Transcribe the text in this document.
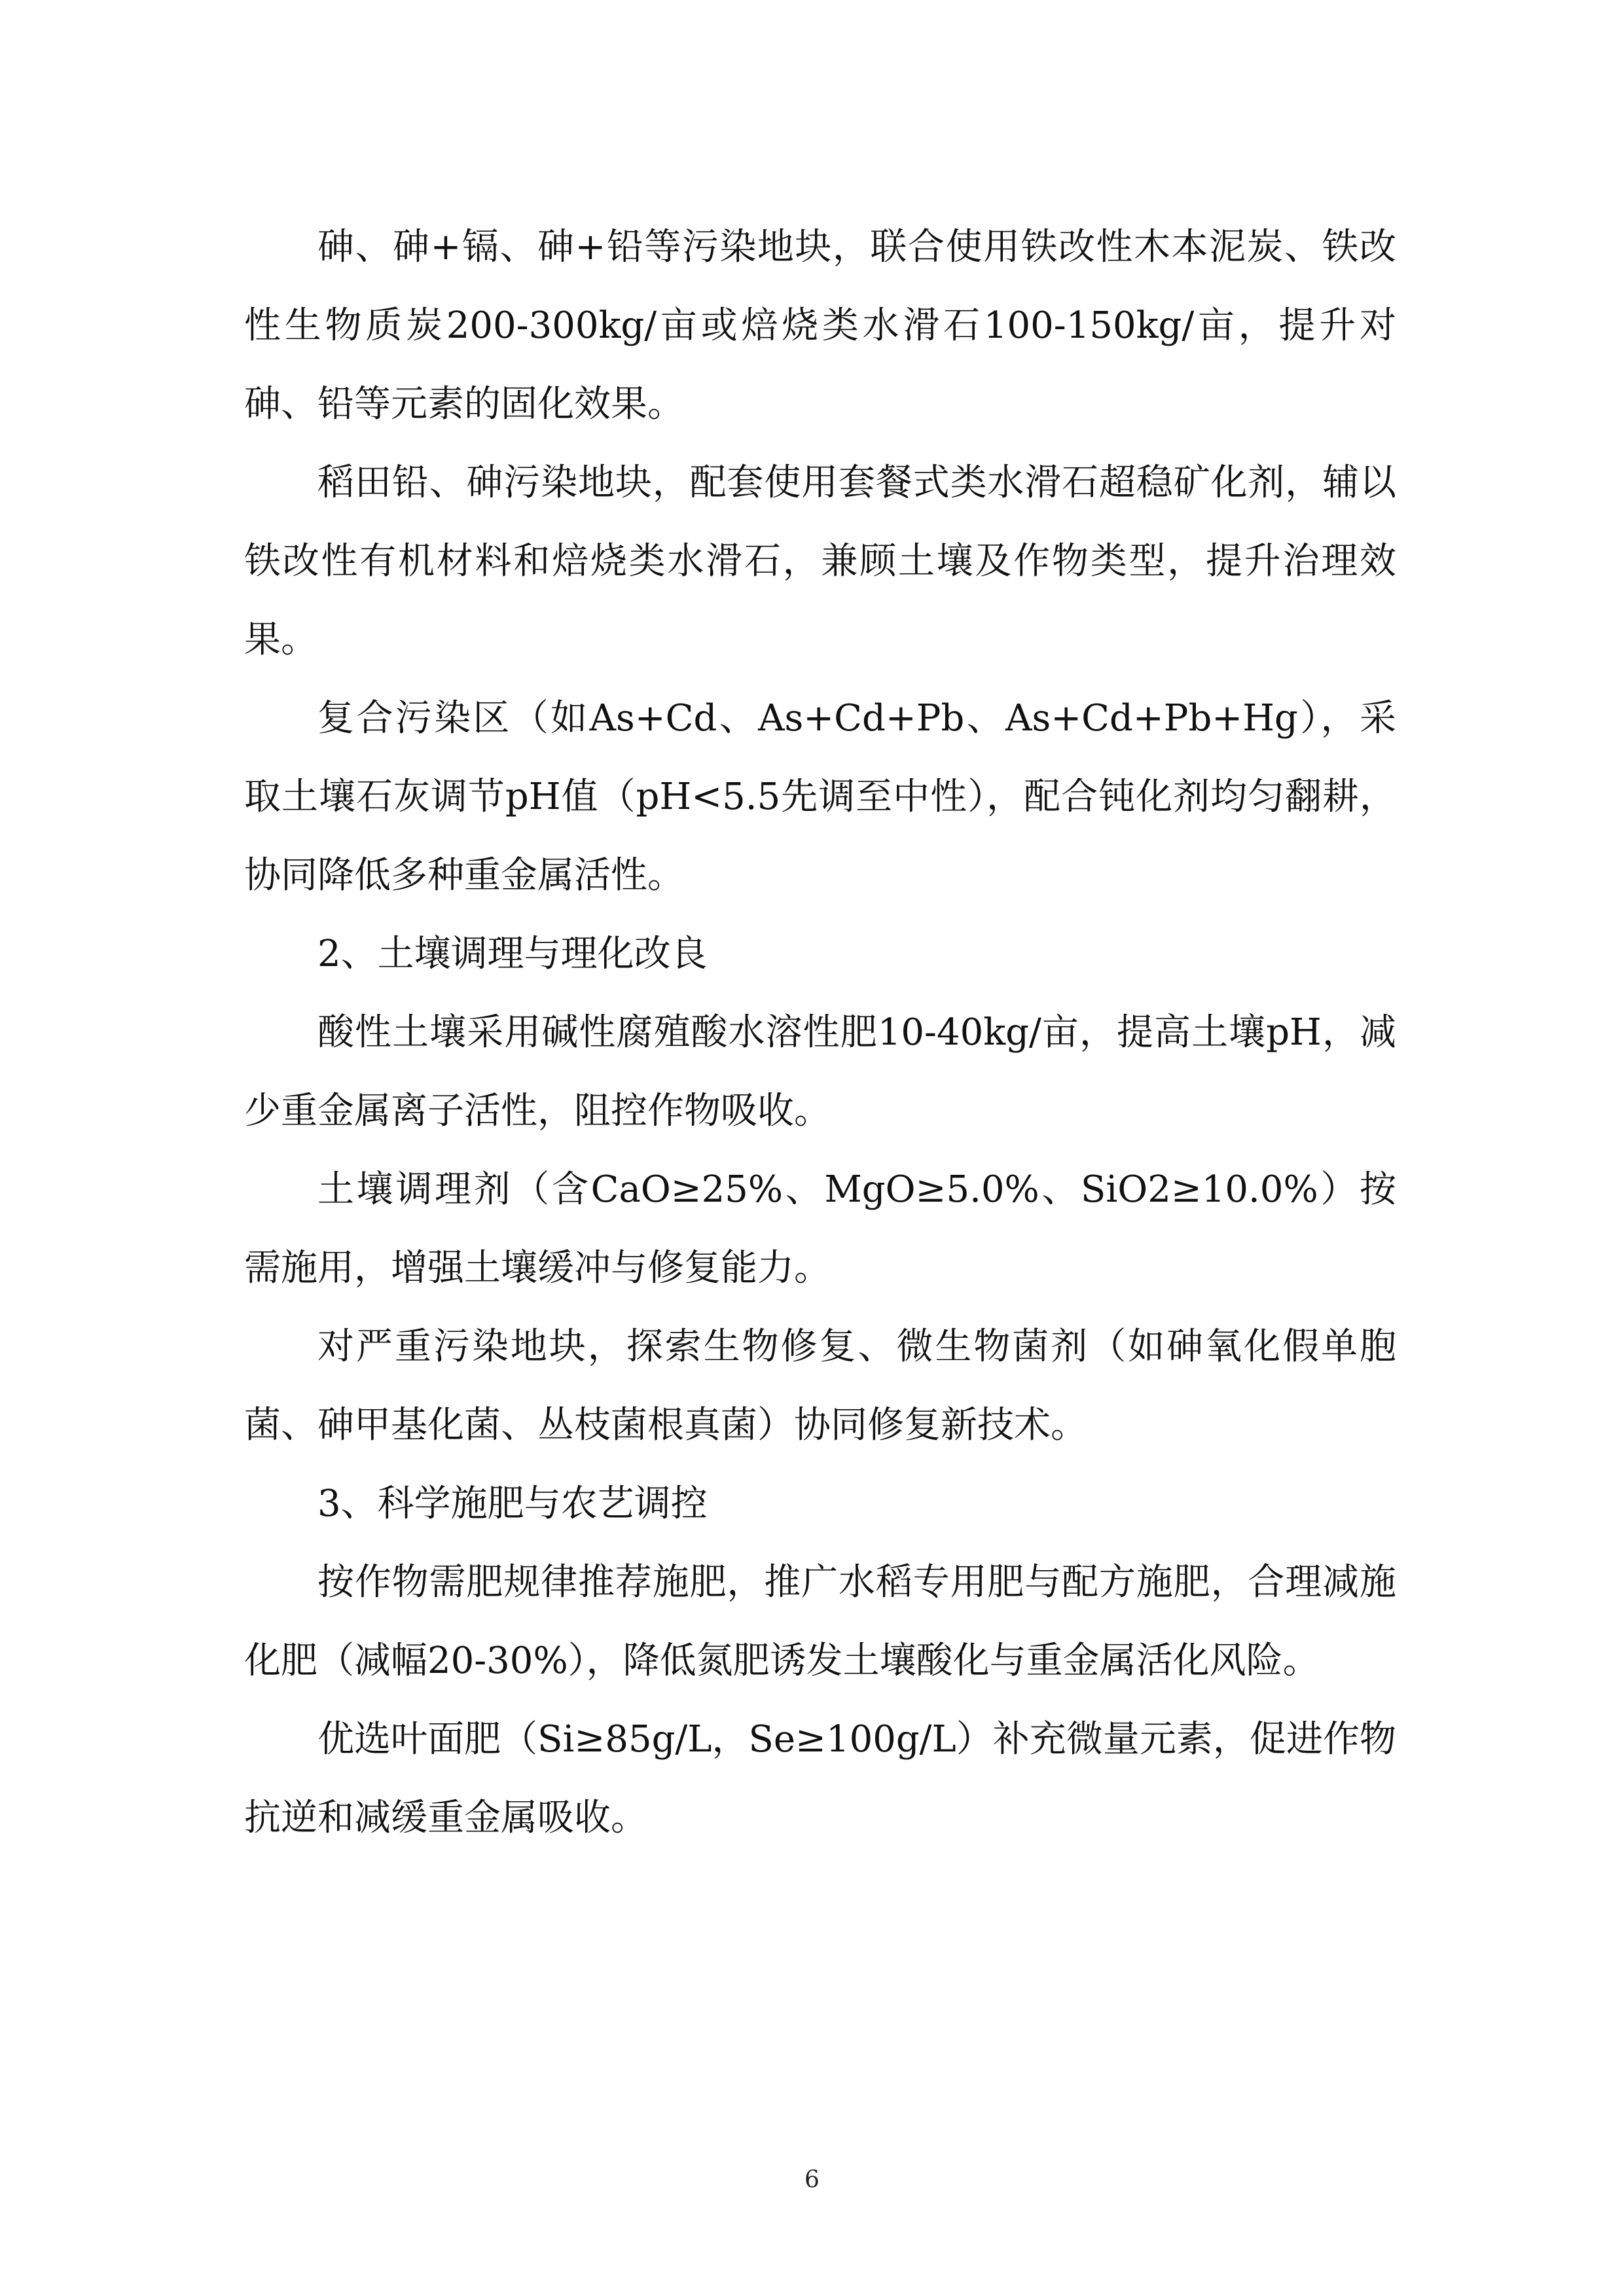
砷、砷+镉、砷+铅等污染地块，联合使用铁改性木本泥炭、铁改性生物质炭200-300kg/亩或焙烧类水滑石100-150kg/亩，提升对砷、铅等元素的固化效果。

稻田铅、砷污染地块，配套使用套餐式类水滑石超稳矿化剂，辅以铁改性有机材料和焙烧类水滑石，兼顾土壤及作物类型，提升治理效果。

复合污染区（如As+Cd、As+Cd+Pb、As+Cd+Pb+Hg），采取土壤石灰调节pH值（pH<5.5先调至中性），配合钝化剂均匀翻耕，协同降低多种重金属活性。

2、土壤调理与理化改良

酸性土壤采用碱性腐殖酸水溶性肥10-40kg/亩，提高土壤pH，减少重金属离子活性，阻控作物吸收。

土壤调理剂（含CaO≥25%、MgO≥5.0%、SiO2≥10.0%）按需施用，增强土壤缓冲与修复能力。

对严重污染地块，探索生物修复、微生物菌剂（如砷氧化假单胞菌、砷甲基化菌、丛枝菌根真菌）协同修复新技术。

3、科学施肥与农艺调控

按作物需肥规律推荐施肥，推广水稻专用肥与配方施肥，合理减施化肥（减幅20-30%），降低氮肥诱发土壤酸化与重金属活化风险。

优选叶面肥（Si≥85g/L，Se≥100g/L）补充微量元素，促进作物抗逆和减缓重金属吸收。

6
